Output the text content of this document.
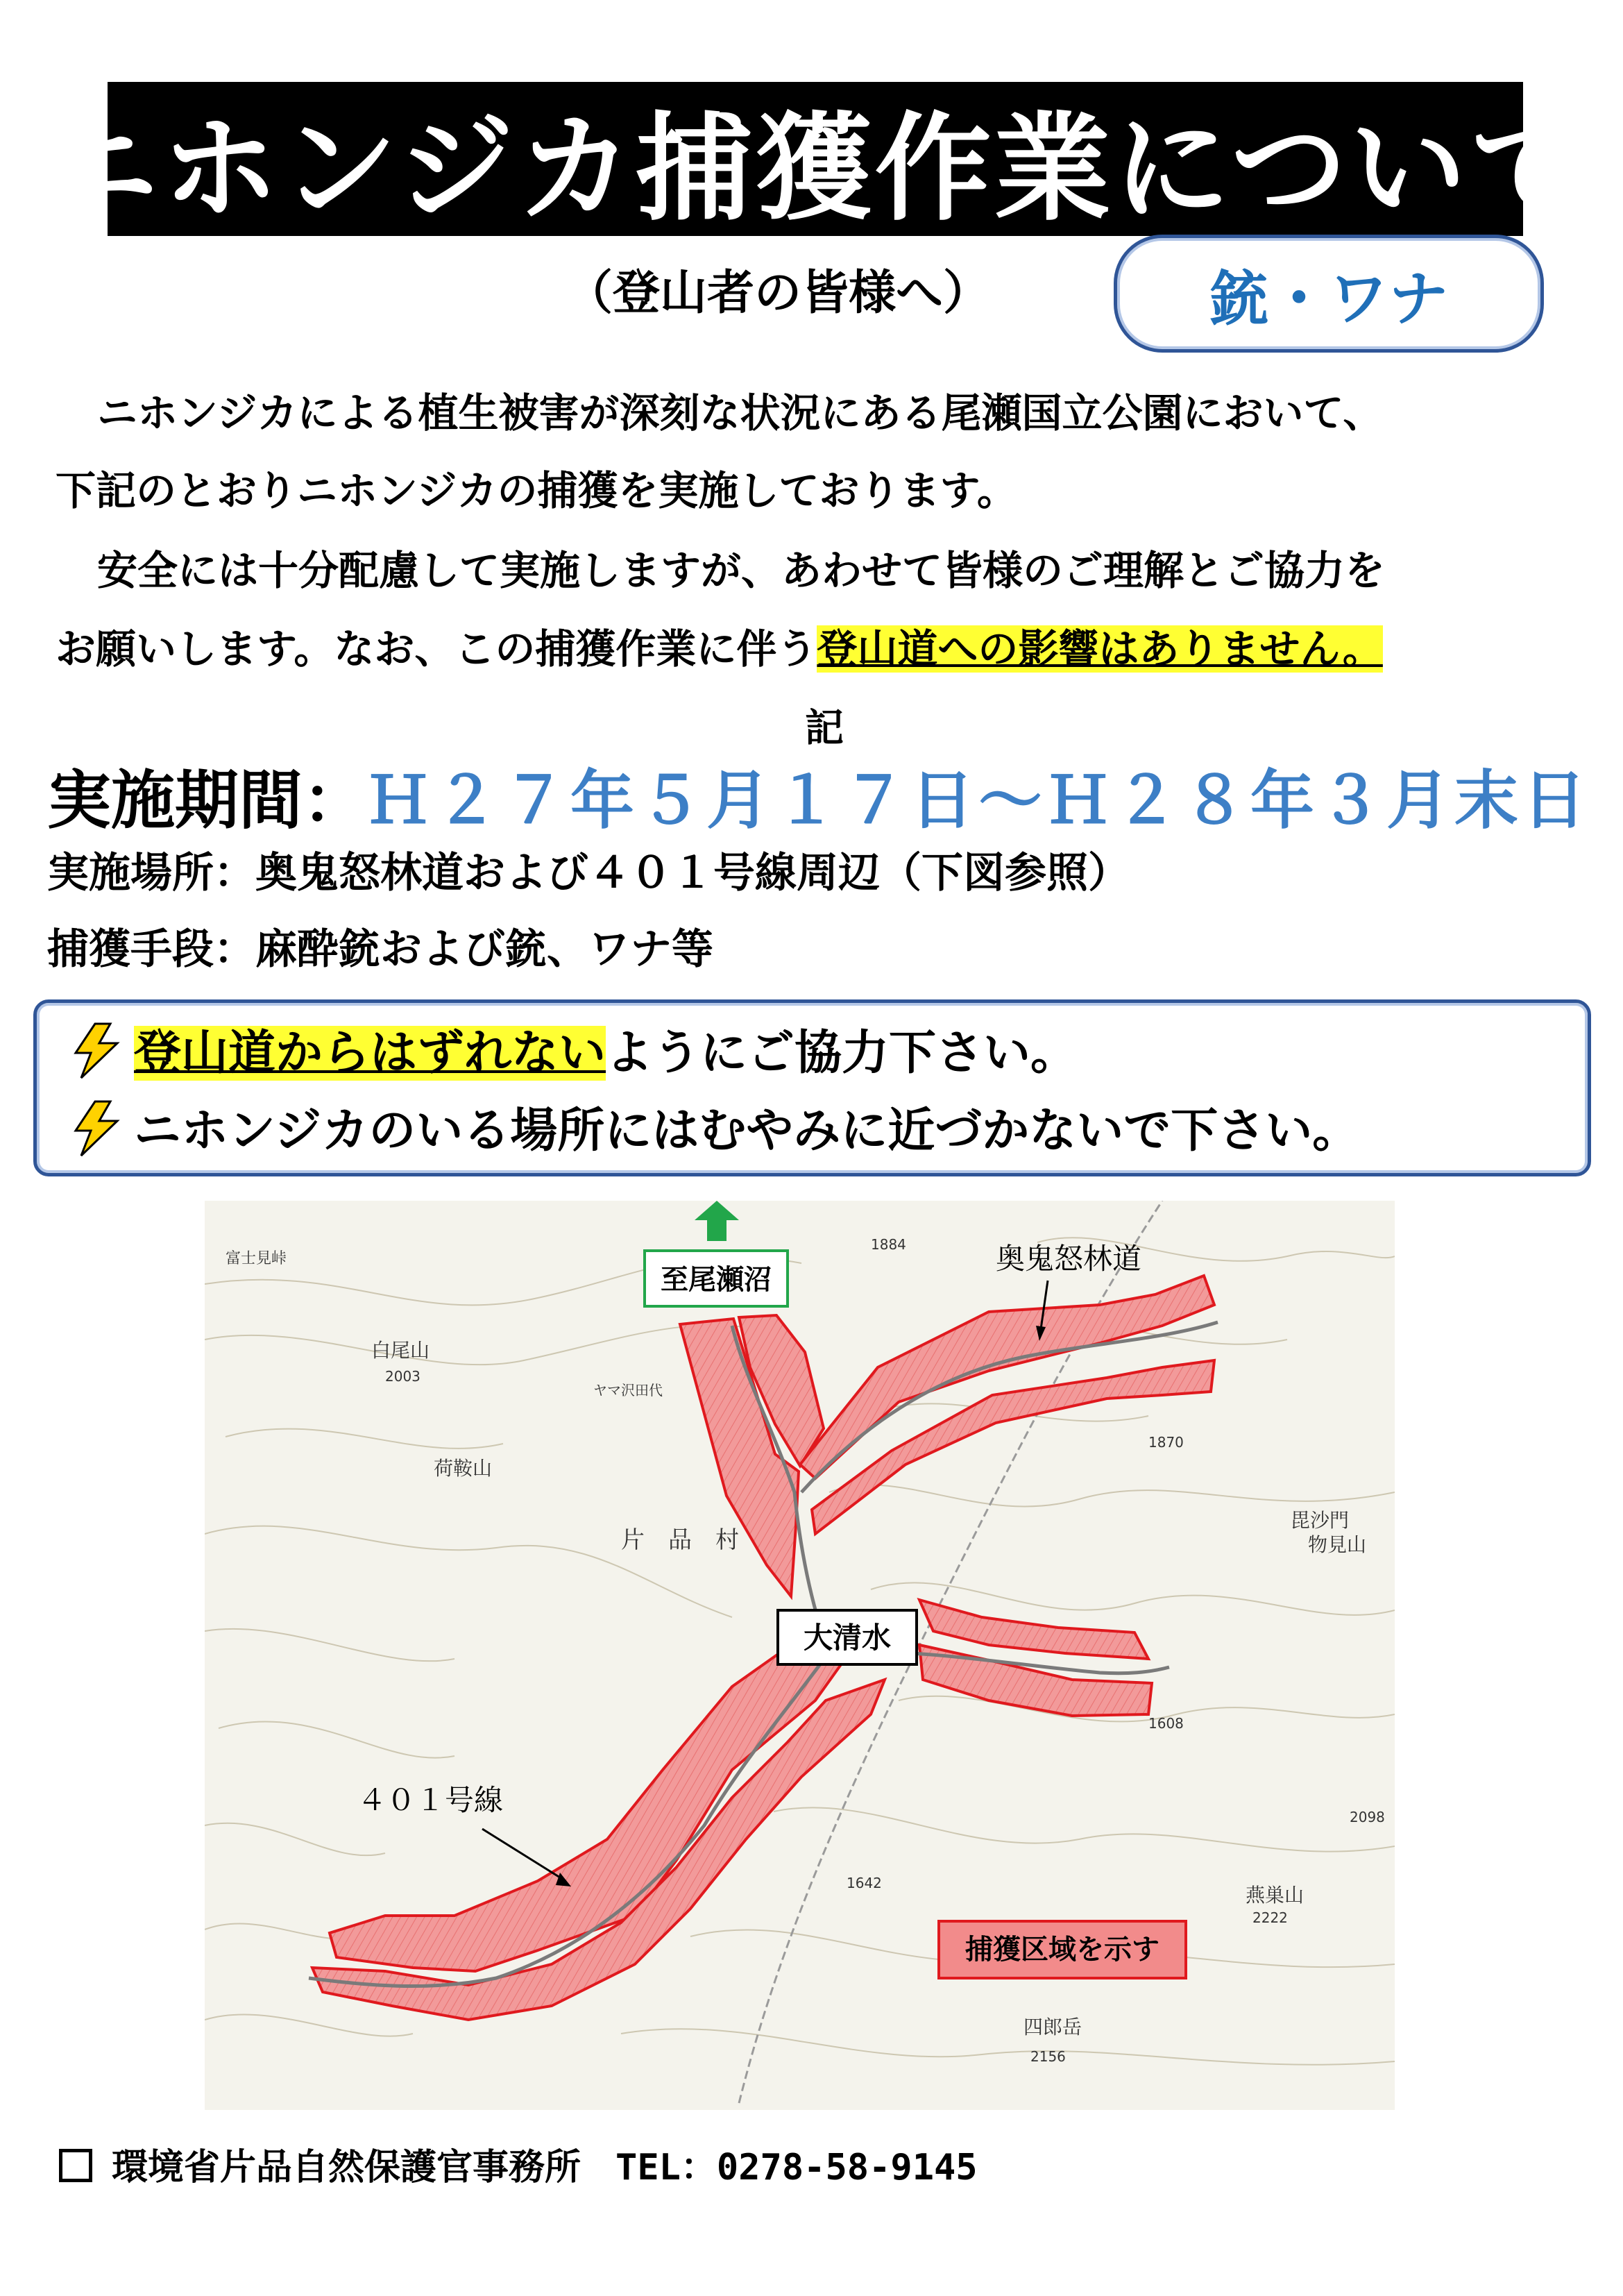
ニホンジカ捕獲作業について
（登山者の皆様へ）	銃・ワナ
ニホンジカによる植生被害が深刻な状況にある尾瀬国立公園において、
下記のとおりニホンジカの捕獲を実施しております。
安全には十分配慮して実施しますが、あわせて皆様のご理解とご協力を
お願いします。なお、この捕獲作業に伴う登山道への影響はありません。
記
実施期間：Ｈ２７年５月１７日～Ｈ２８年３月末日
実施場所：奥鬼怒林道および４０１号線周辺（下図参照）
捕獲手段：麻酔銃および銃、ワナ等
登山道からはずれないようにご協力下さい。
ニホンジカのいる場所にはむやみに近づかないで下さい。
至尾瀬沼
奥鬼怒林道
大清水
４０１号線
捕獲区域を示す
白尾山
2003
荷鞍山
片　品　村
毘沙門
物見山
燕巣山
四郎岳
富士見峠
ヤマ沢田代
1870
1884
2156
2222
1642
1608
2098
環境省片品自然保護官事務所 TEL：0278-58-9145
